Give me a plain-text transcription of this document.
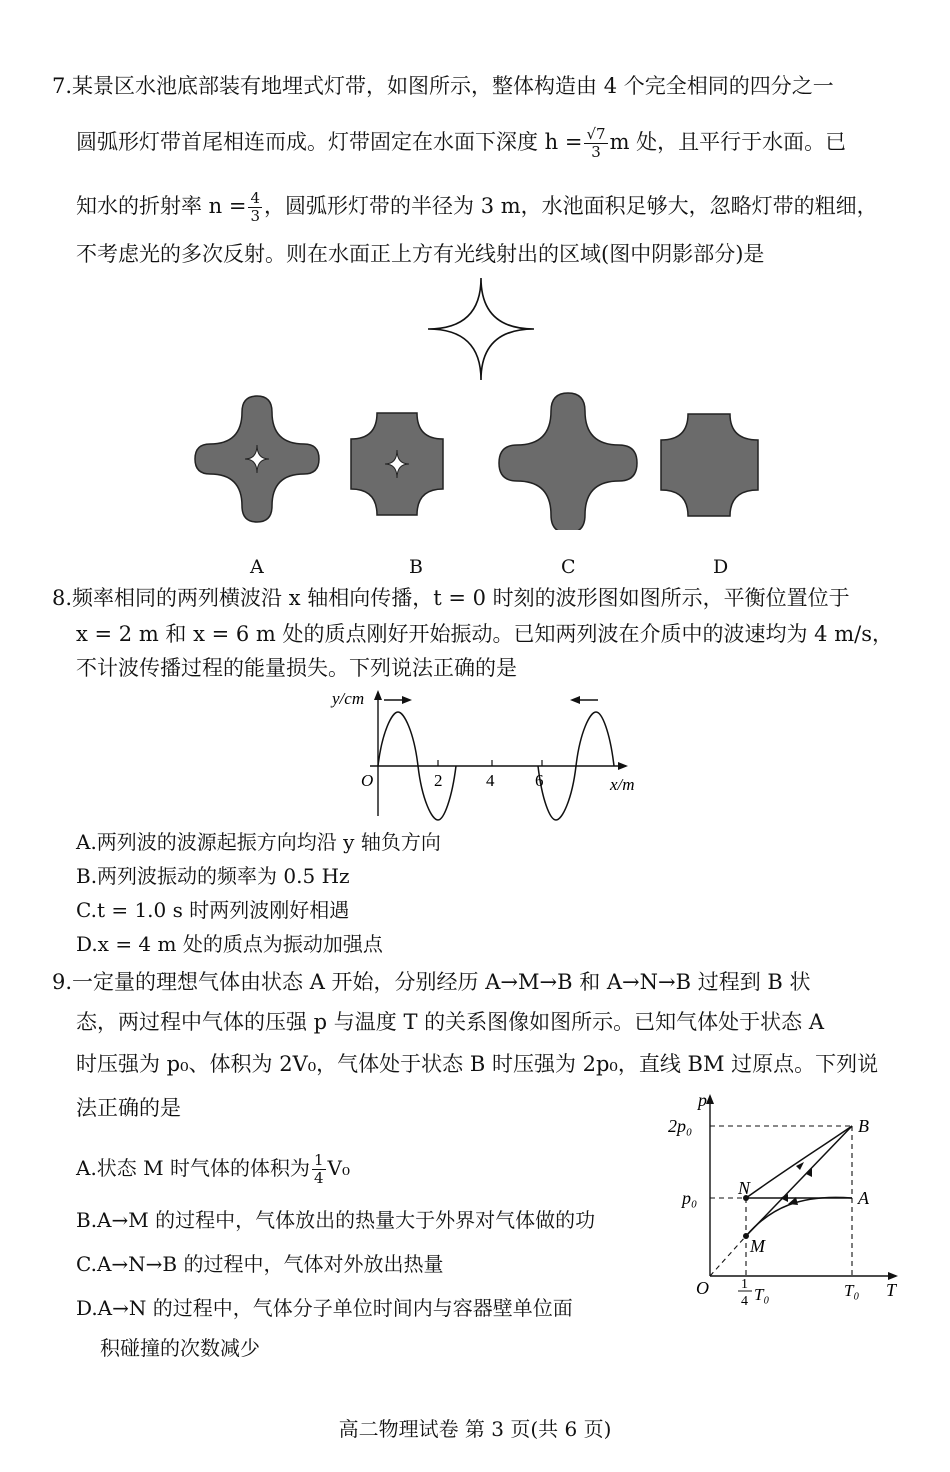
7.某景区水池底部装有地埋式灯带，如图所示，整体构造由 4 个完全相同的四分之一
圆弧形灯带首尾相连而成。灯带固定在水面下深度 $h = \frac{√7}{3}$ m 处，且平行于水面。已
知水的折射率 $n = \frac{4}{3}$ ，圆弧形灯带的半径为 3 m，水池面积足够大，忽略灯带的粗细，
不考虑光的多次反射。则在水面正上方有光线射出的区域(图中阴影部分)是
A	B	C	D
8.频率相同的两列横波沿 x 轴相向传播，t = 0 时刻的波形图如图所示，平衡位置位于
x = 2 m 和 x = 6 m 处的质点刚好开始振动。已知两列波在介质中的波速均为 4 m/s，
不计波传播过程的能量损失。下列说法正确的是
2	4 6
O
y/cm
x/m
A.两列波的波源起振方向均沿 y 轴负方向
B.两列波振动的频率为 0.5 Hz
C.t = 1.0 s 时两列波刚好相遇
D.x = 4 m 处的质点为振动加强点
9.一定量的理想气体由状态 A 开始，分别经历 A→M→B 和 A→N→B 过程到 B 状
态，两过程中气体的压强 p 与温度 T 的关系图像如图所示。已知气体处于状态 A
时压强为 p₀、体积为 2V₀，气体处于状态 B 时压强为 2p₀，直线 BM 过原点。下列说
法正确的是
A.状态 M 时气体的体积为 $\frac{1}{4} V_0$
B.A→M 的过程中，气体放出的热量大于外界对气体做的功
C.A→N→B 的过程中，气体对外放出热量
D.A→N 的过程中，气体分子单位时间内与容器壁单位面
积碰撞的次数减少
p
T
O
2p₀
p₀
B
A
N
M
1
4 T₀	T₀
高二物理试卷 第 3 页(共 6 页)
